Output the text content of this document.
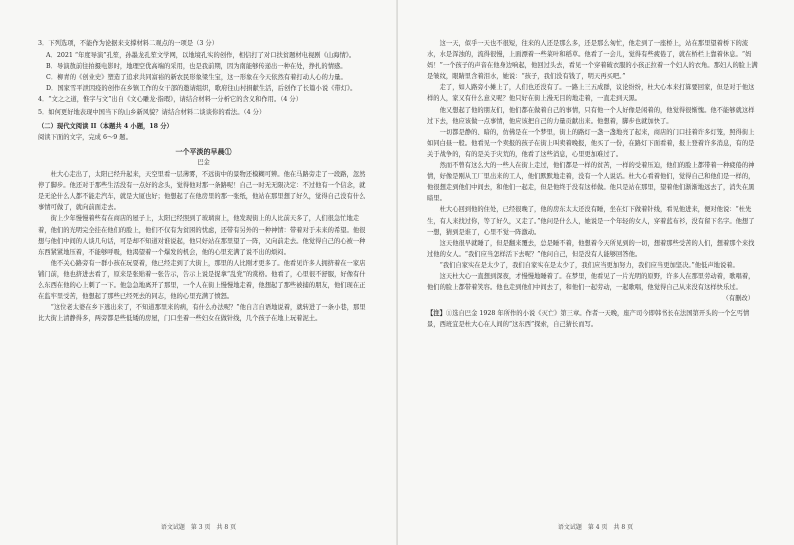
3．下列选项，不能作为论据来支撑材料二观点的一项是（3 分）

A．2021 “年度导演”孔笙，孙墨龙孔笙文学网，以地境孔实的创作，相信打了对口扶贫题材电视剧《山海情》。

B．导演敖前往拍摄电影时，地理空优高端的采用，也是我前期，因为南能够传递出一种在处，挣扎的情感。

C．柳青的《创业史》塑造了追求共同富裕的新农民形象梁生宝，这一形象在今天依然有着打动人心的力量。

D．国家雪平泄因疫的创作在乡镇工作的女干部的邀请组织，歌府往山村捐献生活，后创作了长篇小说《带灯》。

4．“文之之道，惟字与文”出自《文心雕龙·指瑕》，请结合材料一分析它的含义和作用。（4 分）

5．如何更好地表现中国当下的山乡新风貌？请结合材料二谈谈你的看法。（4 分）

（二）现代文阅读 II（本题共 4 小题，18 分）

阅读下面的文字，完成 6～9 题。

一个平淡的早晨①

巴金

杜大心走出了，太阳已经升起来，天空里看一层薄雾，不远街中的景物还模糊可辨。他在马路旁走了一段路，忽然停了脚步。他还对于那些生活没有一点好的念头，觉得他对那一条路呢！自己一时无无限决定：不过他有一个信念，就是无论什么人都不能走汽车，就是大厦也好；他想起了在他房里的那一张纸，他站在那里想了好久，觉得自己没有什么事情可做了，就向前面走去。

街上少年慢慢着些有在商店的屋子上，太阳已经照到了玻璃窗上，他发现街上的人比前天多了，人们很急忙地走着，他们的光明完全挂在他们的脸上，他们不仅有为贫困的忧虑，还带有另外的一种神情：带着对于未来的希望。他很想与他们中间的人谈几句话，可是却不知道对谁说起，他只好站在那里望了一阵，又向前走去。他觉得自己的心被一种东西紧紧地压着，不能够呼吸，他渴望着一个爆发的机会，他的心里充满了说不出的烦闷。

他不关心路旁有一群小孩在玩耍着，他已经走到了大街上，那里的人比刚才更多了。他看见许多人拥挤着在一家店铺门前，他也挤进去看了，原来是张贴着一张告示，告示上说是捉拿“乱党”的赏格。他看了，心里很不舒服，好像有什么东西在他的心上刺了一下。他急急地离开了那里，一个人在街上慢慢地走着，他想起了那些被捕的朋友，他们现在正在监牢里受苦，他想起了那些已经死去的同志，他的心里充满了愤怒。

“这位老太婆在乡下逃出来了，不知道那里来的病，有什么办法呢？”他自言自语地说着，就转进了一条小巷，那里比大街上清静得多，两旁都是些低矮的房屋，门口坐着一些妇女在做针线，几个孩子在地上玩着泥土。

语文试题　第 3 页　共 8 页

这一天，似乎一天也不很短，往来的人还是那么多，还是那么匆忙，他走到了一座桥上，站在那里望着桥下的流水，水是浑浊的，流得很慢，上面漂着一些菜叶和稻草。他看了一会儿，觉得有些疲倦了，就在桥栏上靠着休息。“妈妈！”一个孩子的声音在他身边响起，他回过头去，看见一个穿着破衣服的小孩正拉着一个妇人的衣角。那妇人的脸上满是皱纹，眼睛里含着泪水，她说：“孩子，我们没有钱了，明天再买吧。”

走了，如人路旁小摊上了，人们也还没有了。一路上三五成群，议论纷纷，杜大心本来打算要回家，但是对于他这样的人，家又有什么意义呢？他只好在街上漫无目的地走着，一直走到天黑。

他又想起了他的朋友们，他们都在做着自己的事情，只有他一个人好像是闲着的，他觉得很惭愧。他不能够就这样过下去，他应该做一点事情，他应该把自己的力量贡献出来。他想着，脚步也就加快了。

一切都是静的、暗的，仿佛是在一个梦里，街上的路灯一盏一盏地亮了起来，商店的门口挂着许多灯笼，照得街上如同白昼一般。他看见一个卖报的孩子在街上叫卖着晚报，他买了一份，在路灯下面看着，报上登着许多消息，有的是关于战争的，有的是关于灾荒的，他看了这些消息，心里更加难过了。

然而不曾有这么大的一些人在街上走过，他们都是一样的贫苦，一样的受着压迫，他们的脸上都带着一种疲倦的神情，好像是刚从工厂里出来的工人，他们默默地走着，没有一个人说话。杜大心看着他们，觉得自己和他们是一样的，他很想走到他们中间去，和他们一起走，但是他终于没有这样做。他只是站在那里，望着他们渐渐地远去了，消失在黑暗里。

杜大心回到他的住处，已经很晚了，他的房东太太还没有睡，坐在灯下做着针线，看见他进来，便对他说：“杜先生，有人来找过你，等了好久，又走了。”他问是什么人，她说是一个年轻的女人，穿着蓝布衫，没有留下名字。他想了一想，猜到是谁了，心里不觉一阵激动。

这天他很早就睡了，但是翻来覆去，总是睡不着，他想着今天所见到的一切，想着那些受苦的人们，想着那个来找过他的女人。“我们应当怎样活下去呢？”他问自己，但是没有人能够回答他。

“我们自家实在是太少了，我们自家实在是太少了，我们应当更加努力，我们应当更加坚决。”他低声地说着。

这天杜大心一直想到深夜，才慢慢地睡着了。在梦里，他看见了一片光明的原野，许多人在那里劳动着，歌唱着，他们的脸上都带着笑容。他也走到他们中间去了，和他们一起劳动，一起歌唱，他觉得自己从来没有这样快乐过。

（有删改）

【注】①选自巴金 1928 年所作的小说《灭亡》第三章。作者一天晚，座产司今即韩书长在法国第开头的一个乞丐情景，西班宜是杜大心在人间的“这东西”探索，自己猜长而写。

语文试题　第 4 页　共 8 页
